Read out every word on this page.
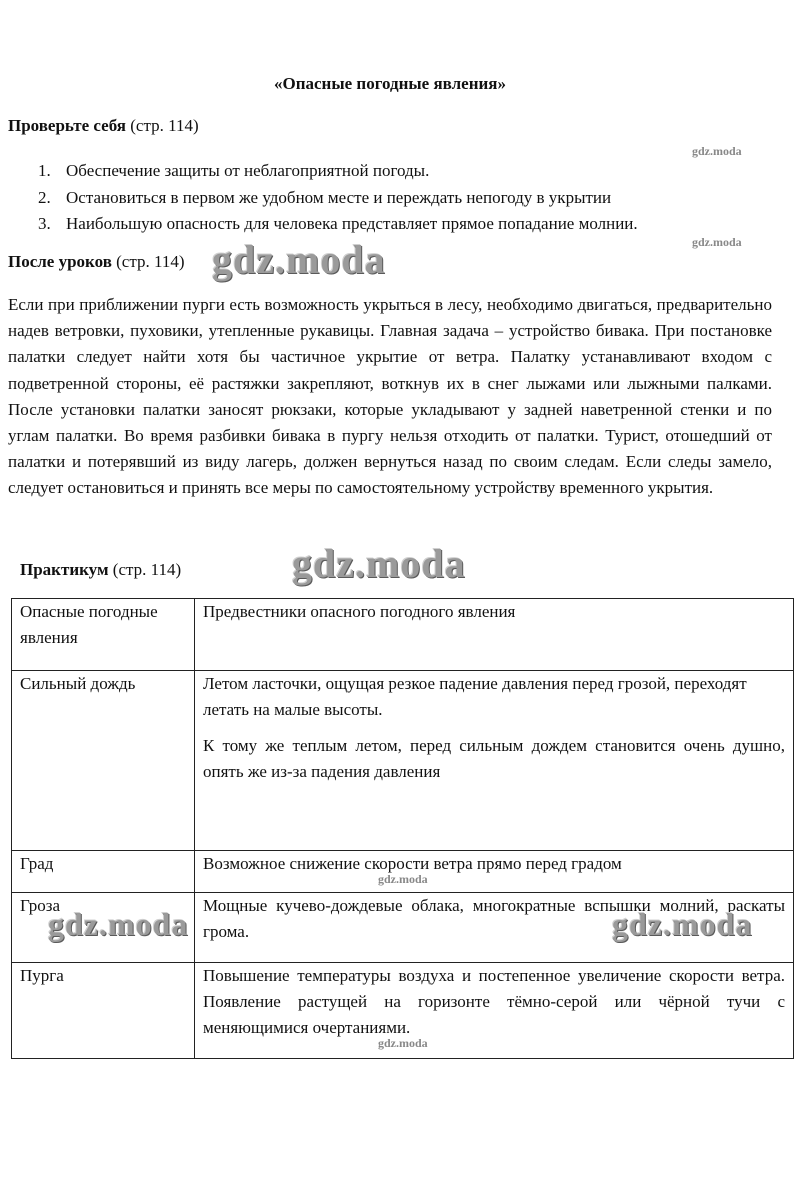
«Опасные погодные явления»
Проверьте себя (стр. 114)
1. Обеспечение защиты от неблагоприятной погоды.
2. Остановиться в первом же удобном месте и переждать непогоду в укрытии
3. Наибольшую опасность для человека представляет прямое попадание молнии.
После уроков (стр. 114)

Если при приближении пурги есть возможность укрыться в лесу, необходимо двигаться, предварительно надев ветровки, пуховики, утепленные рукавицы. Главная задача – устройство бивака. При постановке палатки следует найти хотя бы частичное укрытие от ветра. Палатку устанавливают входом с подветренной стороны, её растяжки закрепляют, воткнув их в снег лыжами или лыжными палками. После установки палатки заносят рюкзаки, которые укладывают у задней наветренной стенки и по углам палатки. Во время разбивки бивака в пургу нельзя отходить от палатки. Турист, отошедший от палатки и потерявший из виду лагерь, должен вернуться назад по своим следам. Если следы замело, следует остановиться и принять все меры по самостоятельному устройству временного укрытия.

Практикум (стр. 114)
Опасные погодные явления	Предвестники опасного погодного явления
Сильный дождь	Летом ласточки, ощущая резкое падение давления перед грозой, переходят летать на малые высоты.

К тому же теплым летом, перед сильным дождем становится очень душно, опять же из-за падения давления

Град	Возможное снижение скорости ветра прямо перед градом

Гроза	Мощные кучево-дождевые облака, многократные вспышки молний, раскаты грома.

Пурга	Повышение температуры воздуха и постепенное увеличение скорости ветра. Появление растущей на горизонте тёмно-серой или чёрной тучи с меняющимися очертаниями.

gdz.moda
gdz.moda
gdz.moda
gdz.moda
gdz.moda
gdz.moda	gdz.moda
gdz.moda
